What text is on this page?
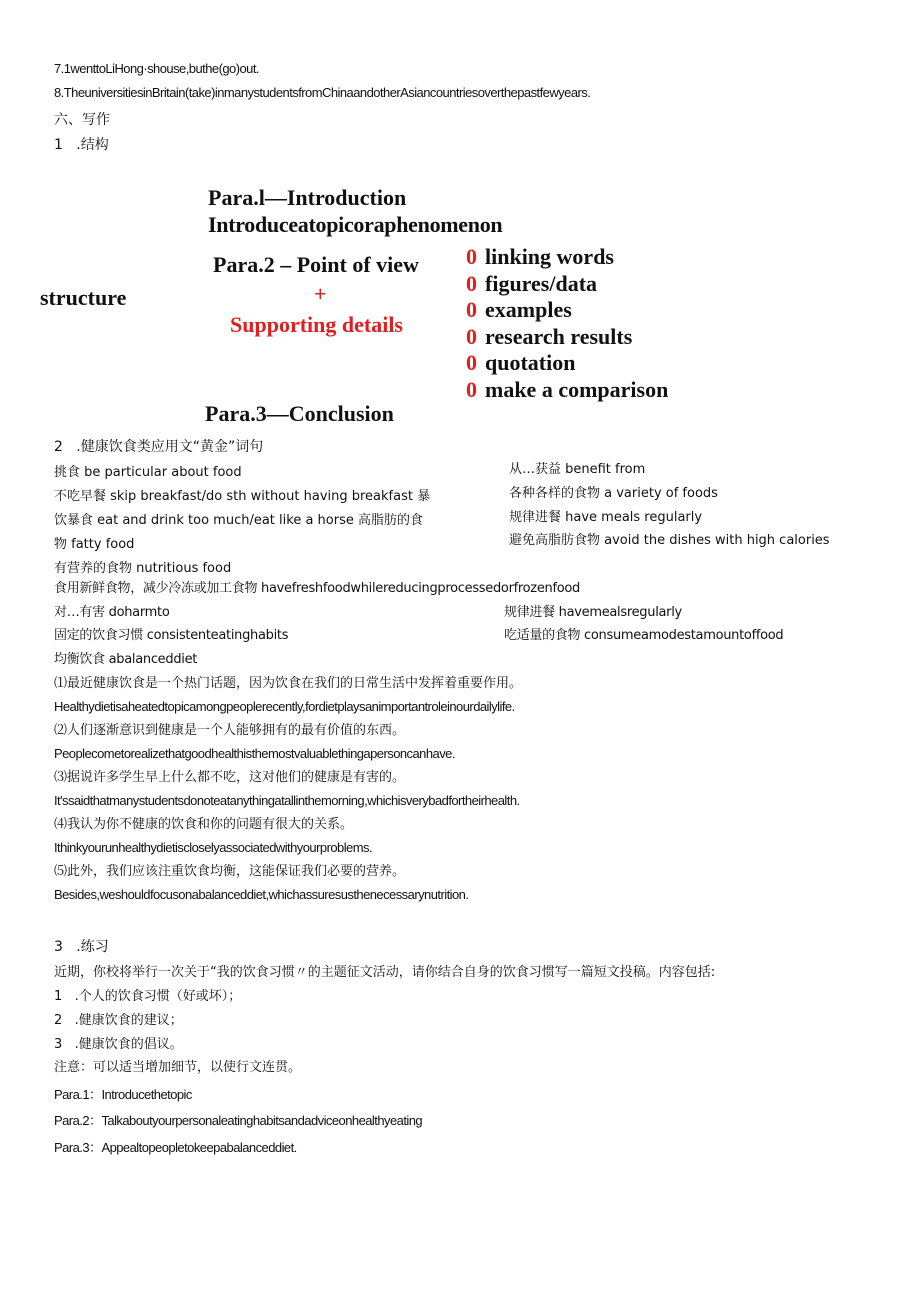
7.1wenttoLiHong·shouse,buthe(go)out.
8.TheuniversitiesinBritain(take)inmanystudentsfromChinaandotherAsiancountriesoverthepastfewyears.
六、写作
1   .结构
structure
Para.l—Introduction
Introduceatopicoraphenomenon
Para.2 – Point of view
+
Supporting details
0 linking words
0 figures/data
0 examples
0 research results
0 quotation
0 make a comparison
Para.3—Conclusion
2   .健康饮食类应用文“黄金”词句
挑食 be particular about food
不吃早餐 skip breakfast/do sth without having breakfast 暴
饮暴食 eat and drink too much/eat like a horse 高脂肪的食
物 fatty food
有营养的食物 nutritious food
从…获益 benefit from
各种各样的食物 a variety of foods
规律进餐 have meals regularly
避免高脂肪食物 avoid the dishes with high calories
食用新鲜食物，减少冷冻或加工食物 havefreshfoodwhilereducingprocessedorfrozenfood
对…有害 doharmto	规律进餐 havemealsregularly
固定的饮食习惯 consistenteatinghabits	吃适量的食物 consumeamodestamountoffood
均衡饮食 abalanceddiet
⑴最近健康饮食是一个热门话题，因为饮食在我们的日常生活中发挥着重要作用。
Healthydietisaheatedtopicamongpeoplerecently,fordietplaysanimportantroleinourdailylife.
⑵人们逐渐意识到健康是一个人能够拥有的最有价值的东西。
Peoplecometorealizethatgoodhealthisthemostvaluablethingapersoncanhave.
⑶据说许多学生早上什么都不吃，这对他们的健康是有害的。
It'ssaidthatmanystudentsdonoteatanythingatallinthemorning,whichisverybadfortheirhealth.
⑷我认为你不健康的饮食和你的问题有很大的关系。
Ithinkyourunhealthydietiscloselyassociatedwithyourproblems.
⑸此外，我们应该注重饮食均衡，这能保证我们必要的营养。
Besides,weshouldfocusonabalanceddiet,whichassuresusthenecessarynutrition.
3   .练习
近期，你校将举行一次关于“我的饮食习惯〃的主题征文活动，请你结合自身的饮食习惯写一篇短文投稿。内容包括:
1   .个人的饮食习惯（好或坏）；
2   .健康饮食的建议；
3   .健康饮食的倡议。
注意：可以适当增加细节，以使行文连贯。
Para.1：Introducethetopic
Para.2：Talkaboutyourpersonaleatinghabitsandadviceonhealthyeating
Para.3：Appealtopeopletokeepabalanceddiet.
